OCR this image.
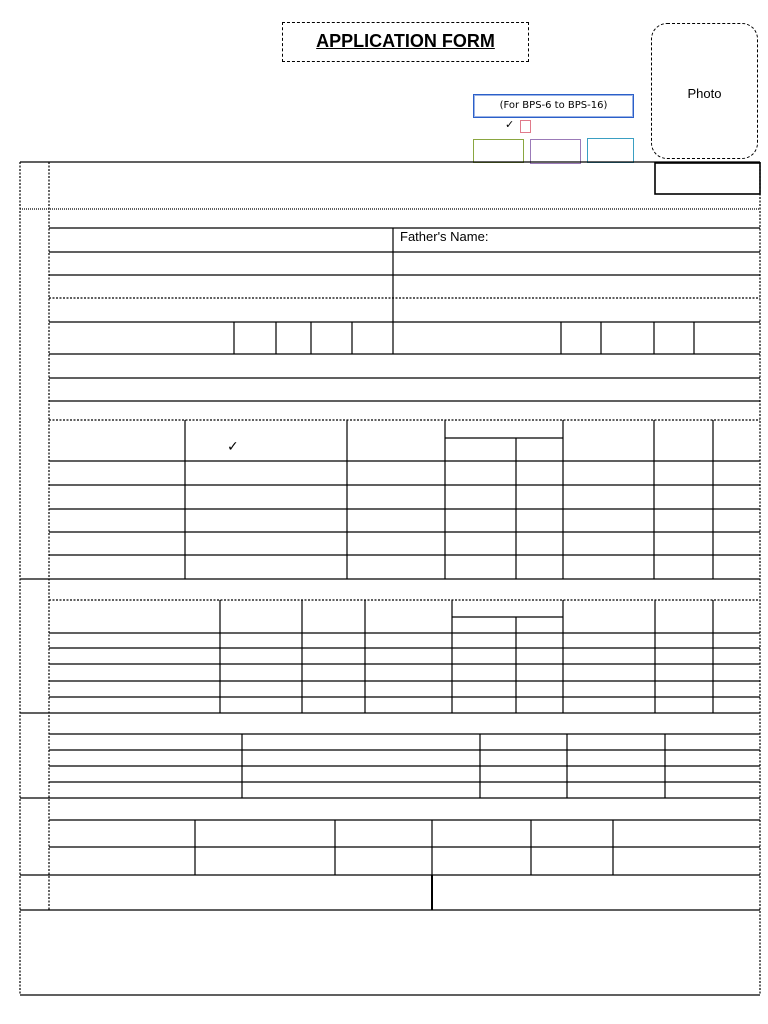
APPLICATION FORM
Photo
(For BPS-6 to BPS-16)
✓
Father's Name:
✓
